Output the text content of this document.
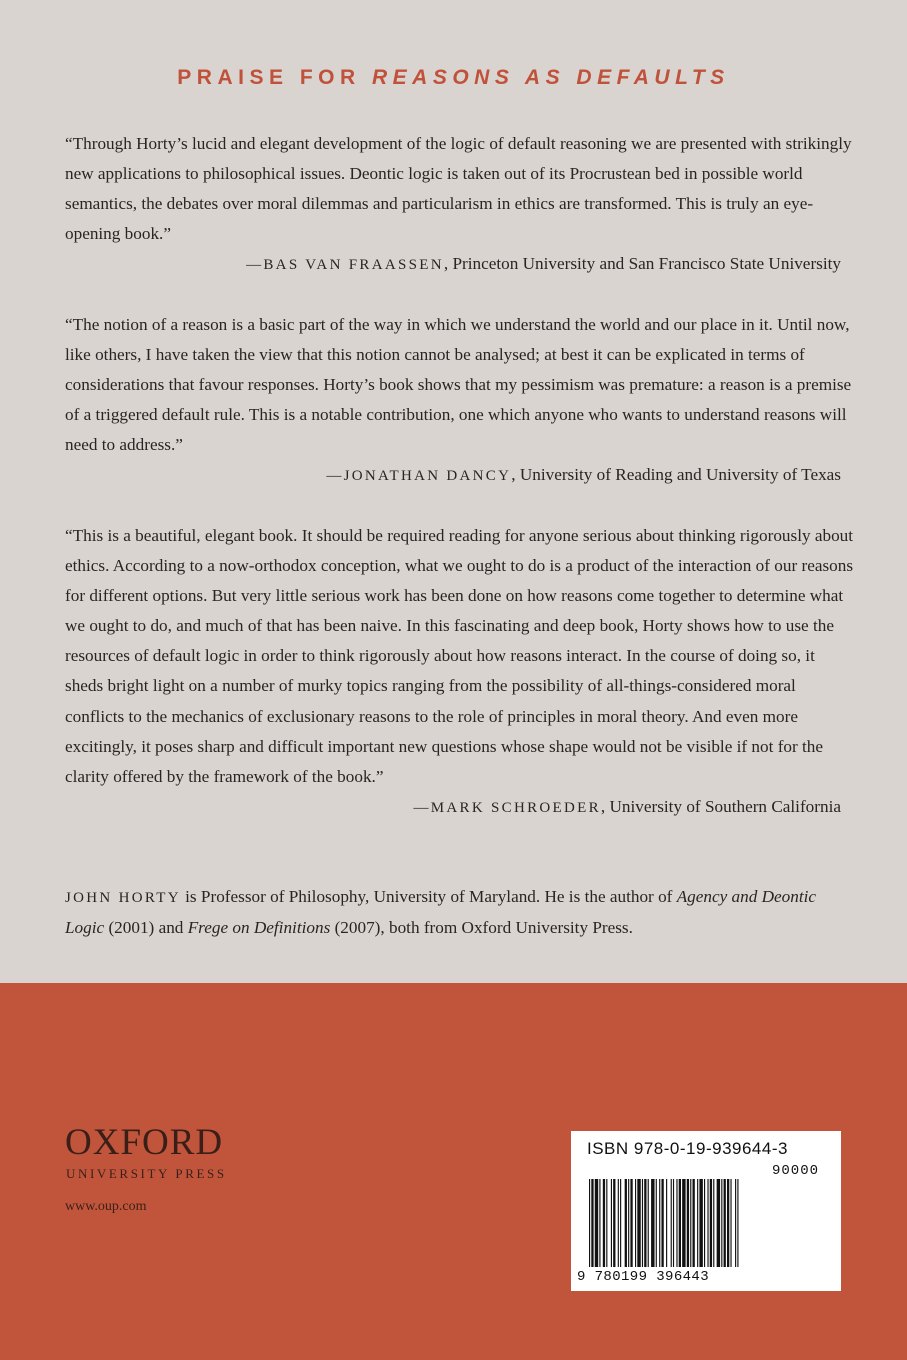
PRAISE FOR REASONS AS DEFAULTS

“Through Horty’s lucid and elegant development of the logic of default reasoning we are presented with strikingly new applications to philosophical issues. Deontic logic is taken out of its Procrustean bed in possible world semantics, the debates over moral dilemmas and particularism in ethics are transformed. This is truly an eye-opening book.”

—BAS VAN FRAASSEN, Princeton University and San Francisco State University

“The notion of a reason is a basic part of the way in which we understand the world and our place in it. Until now, like others, I have taken the view that this notion cannot be analysed; at best it can be explicated in terms of considerations that favour responses. Horty’s book shows that my pessimism was premature: a reason is a premise of a triggered default rule. This is a notable contribution, one which anyone who wants to understand reasons will need to address.”

—JONATHAN DANCY, University of Reading and University of Texas

“This is a beautiful, elegant book. It should be required reading for anyone serious about thinking rigorously about ethics. According to a now-orthodox conception, what we ought to do is a product of the interaction of our reasons for different options. But very little serious work has been done on how reasons come together to determine what we ought to do, and much of that has been naive. In this fascinating and deep book, Horty shows how to use the resources of default logic in order to think rigorously about how reasons interact. In the course of doing so, it sheds bright light on a number of murky topics ranging from the possibility of all-things-considered moral conflicts to the mechanics of exclusionary reasons to the role of principles in moral theory. And even more excitingly, it poses sharp and difficult important new questions whose shape would not be visible if not for the clarity offered by the framework of the book.”

—MARK SCHROEDER, University of Southern California
JOHN HORTY is Professor of Philosophy, University of Maryland. He is the author of Agency and Deontic Logic (2001) and Frege on Definitions (2007), both from Oxford University Press.
OXFORD
UNIVERSITY PRESS
www.oup.com
ISBN 978-0-19-939644-3
90000
9 780199 396443
